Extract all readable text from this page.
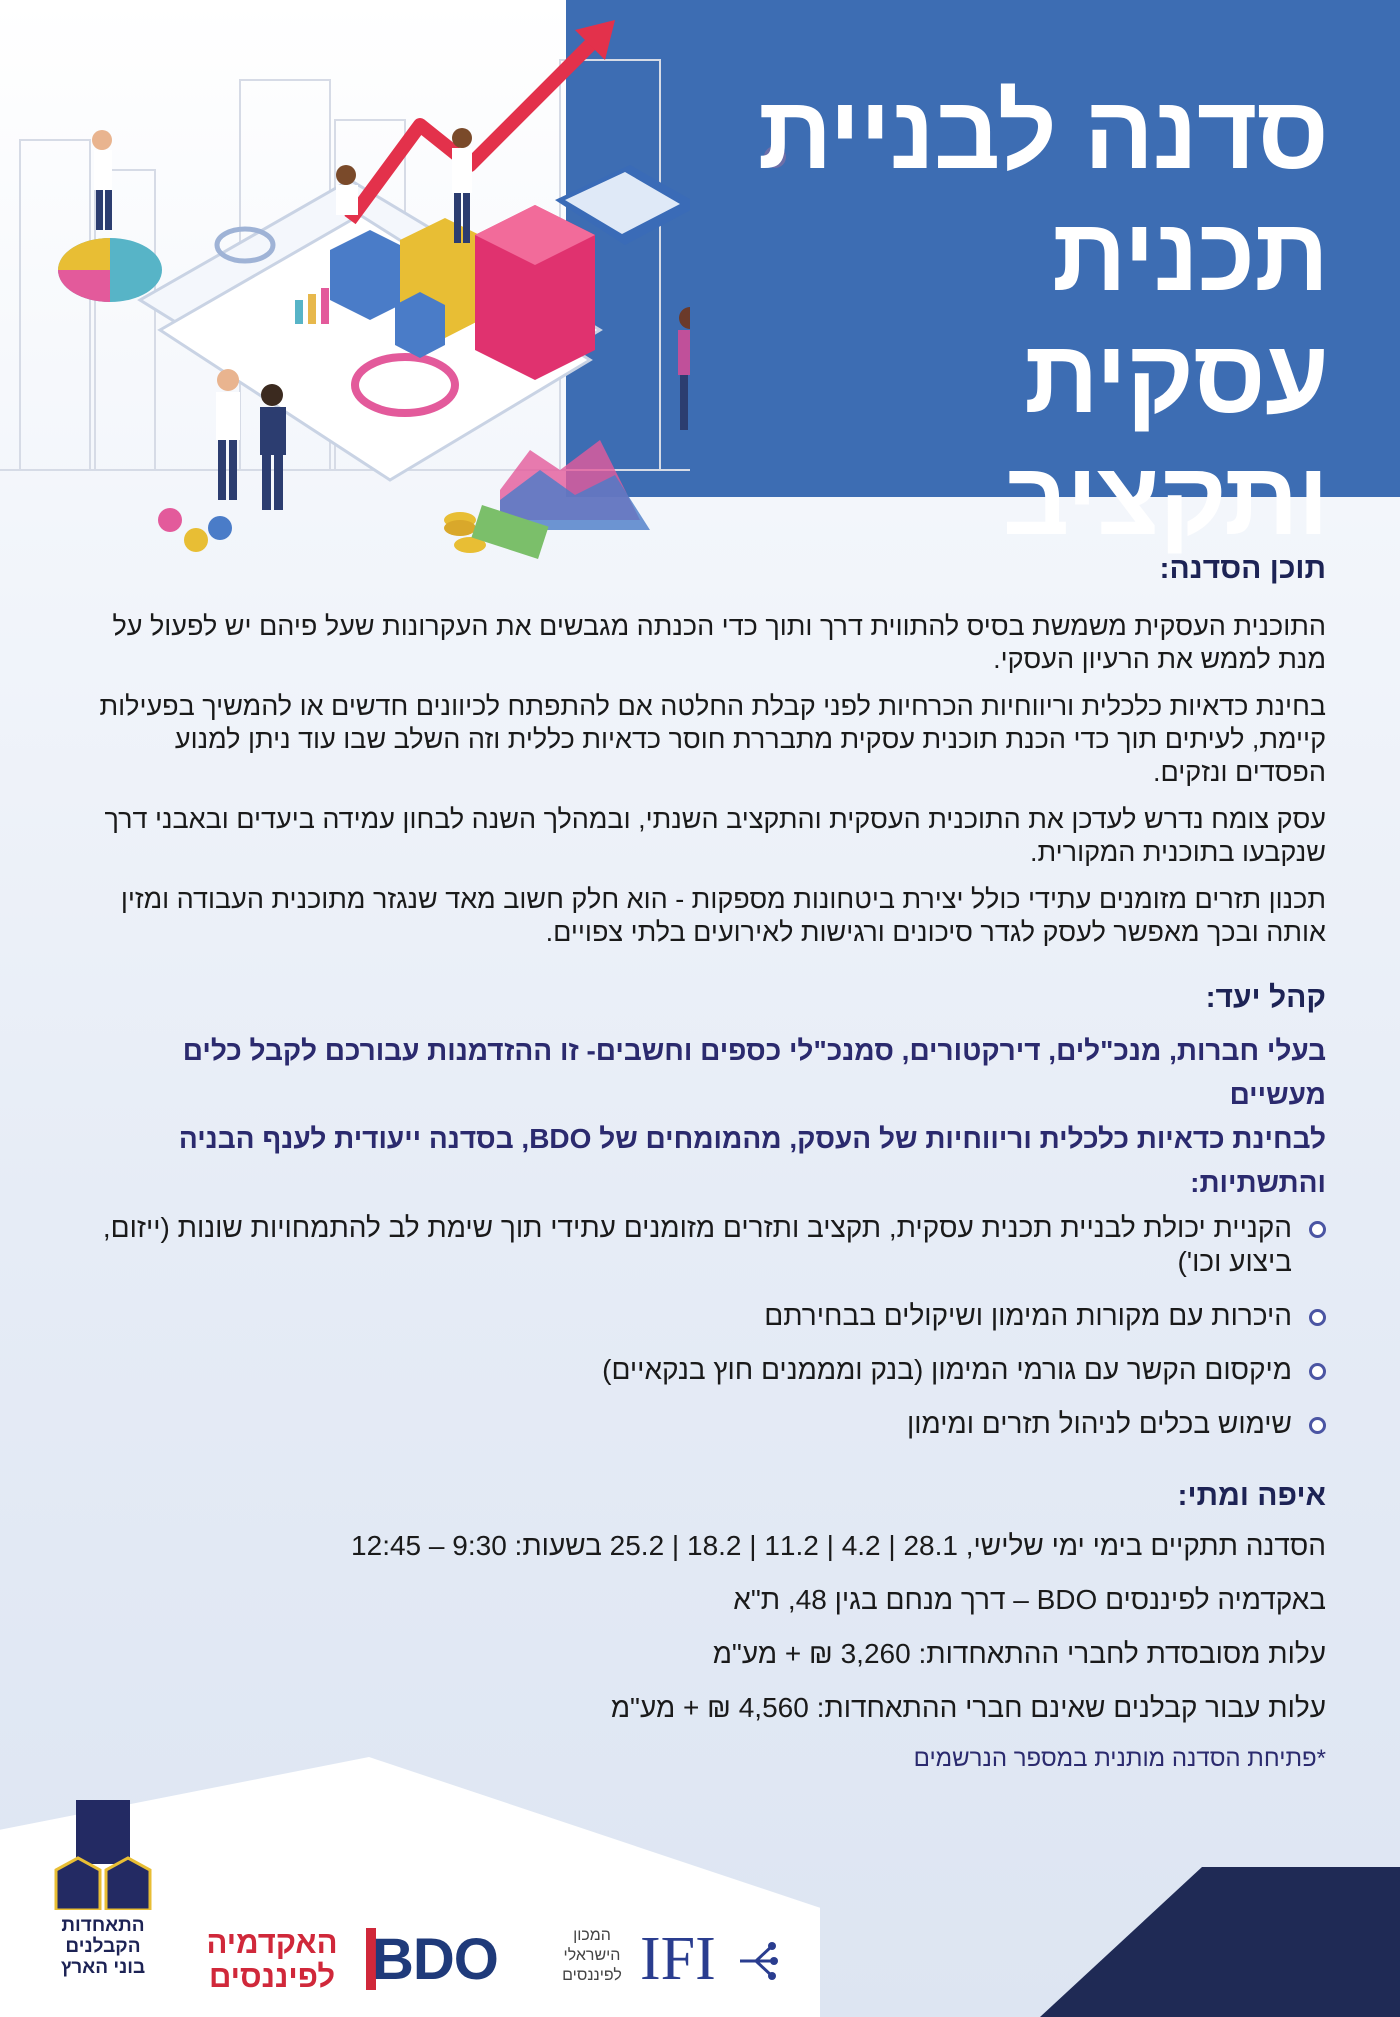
סדנה לבניית
תכנית עסקית
ותקציב
תוכן הסדנה:

התוכנית העסקית משמשת בסיס להתווית דרך ותוך כדי הכנתה מגבשים את העקרונות שעל פיהם יש לפעול על מנת לממש את הרעיון העסקי.

בחינת כדאיות כלכלית וריווחיות הכרחיות לפני קבלת החלטה אם להתפתח לכיוונים חדשים או להמשיך בפעילות קיימת, לעיתים תוך כדי הכנת תוכנית עסקית מתבררת חוסר כדאיות כללית וזה השלב שבו עוד ניתן למנוע הפסדים ונזקים.

עסק צומח נדרש לעדכן את התוכנית העסקית והתקציב השנתי, ובמהלך השנה לבחון עמידה ביעדים ובאבני דרך שנקבעו בתוכנית המקורית.

תכנון תזרים מזומנים עתידי כולל יצירת ביטחונות מספקות - הוא חלק חשוב מאד שנגזר מתוכנית העבודה ומזין אותה ובכך מאפשר לעסק לגדר סיכונים ורגישות לאירועים בלתי צפויים.

קהל יעד:
בעלי חברות, מנכ"לים, דירקטורים, סמנכ"לי כספים וחשבים- זו ההזדמנות עבורכם לקבל כלים מעשיים
לבחינת כדאיות כלכלית וריווחיות של העסק, מהמומחים של BDO, בסדנה ייעודית לענף הבניה והתשתיות:
הקניית יכולת לבניית תכנית עסקית, תקציב ותזרים מזומנים עתידי תוך שימת לב להתמחויות שונות (ייזום, ביצוע וכו')
היכרות עם מקורות המימון ושיקולים בבחירתם
מיקסום הקשר עם גורמי המימון (בנק ומממנים חוץ בנקאיים)
שימוש בכלים לניהול תזרים ומימון
איפה ומתי:
הסדנה תתקיים בימי ימי שלישי, 28.1 | 4.2 | 11.2 | 18.2 | 25.2 בשעות: 9:30 – 12:45
באקדמיה לפיננסים BDO – דרך מנחם בגין 48, ת"א
עלות מסובסדת לחברי ההתאחדות: 3,260 ₪ + מע"מ
עלות עבור קבלנים שאינם חברי ההתאחדות: 4,560 ₪ + מע"מ
*פתיחת הסדנה מותנית במספר הנרשמים
התאחדות
הקבלנים
בוני הארץ
האקדמיה
לפיננסים BDO	המכון
הישראלי
לפיננסים IFI
